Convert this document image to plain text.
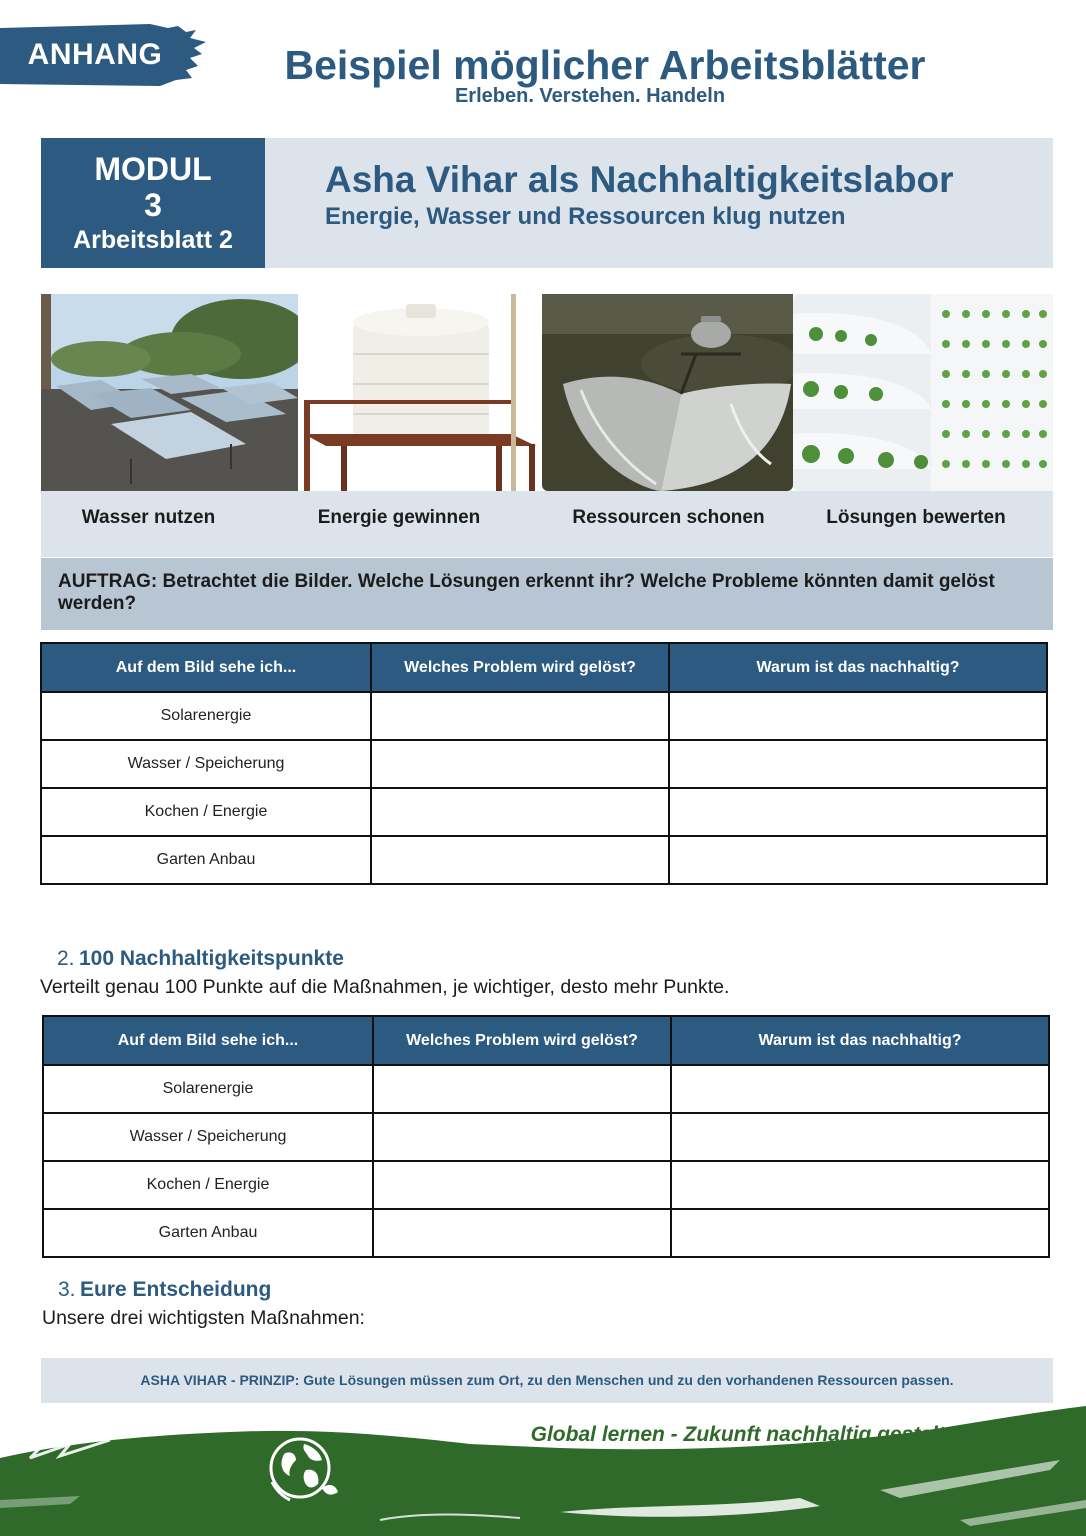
ANHANG	Beispiel möglicher Arbeitsblätter
Erleben. Verstehen. Handeln
MODUL
3
Arbeitsblatt 2
Asha Vihar als Nachhaltigkeitslabor
Energie, Wasser und Ressourcen klug nutzen
Wasser nutzen	Energie gewinnen	Ressourcen schonen	Lösungen bewerten
AUFTRAG: Betrachtet die Bilder. Welche Lösungen erkennt ihr? Welche Probleme könnten damit gelöst werden?
Auf dem Bild sehe ich...	Welches Problem wird gelöst?	Warum ist das nachhaltig?
Solarenergie		
Wasser / Speicherung		
Kochen / Energie		
Garten Anbau		
2. 100 Nachhaltigkeitspunkte
Verteilt genau 100 Punkte auf die Maßnahmen, je wichtiger, desto mehr Punkte.
Auf dem Bild sehe ich...	Welches Problem wird gelöst?	Warum ist das nachhaltig?
Solarenergie		
Wasser / Speicherung		
Kochen / Energie		
Garten Anbau		
3. Eure Entscheidung
Unsere drei wichtigsten Maßnahmen:
ASHA VIHAR - PRINZIP: Gute Lösungen müssen zum Ort, zu den Menschen und zu den vorhandenen Ressourcen passen.
Global lernen - Zukunft nachhaltig gestalten
